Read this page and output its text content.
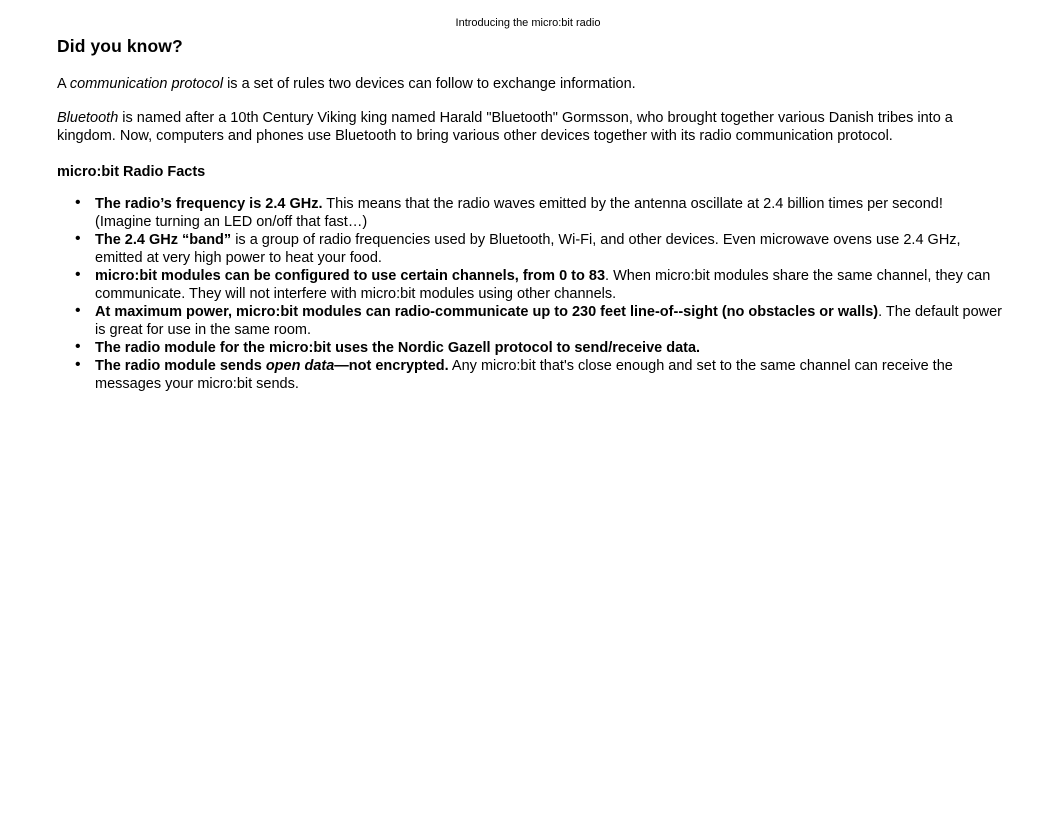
Introducing the micro:bit radio
Did you know?

A communication protocol is a set of rules two devices can follow to exchange information.

Bluetooth is named after a 10th Century Viking king named Harald "Bluetooth" Gormsson, who brought together various Danish tribes into a kingdom. Now, computers and phones use Bluetooth to bring various other devices together with its radio communication protocol.

micro:bit Radio Facts
• The radio’s frequency is 2.4 GHz. This means that the radio waves emitted by the antenna oscillate at 2.4 billion times per second! (Imagine turning an LED on/off that fast…)
• The 2.4 GHz “band” is a group of radio frequencies used by Bluetooth, Wi-Fi, and other devices. Even microwave ovens use 2.4 GHz, emitted at very high power to heat your food.
• micro:bit modules can be configured to use certain channels, from 0 to 83. When micro:bit modules share the same channel, they can communicate. They will not interfere with micro:bit modules using other channels.
• At maximum power, micro:bit modules can radio-communicate up to 230 feet line-of--sight (no obstacles or walls). The default power is great for use in the same room.
• The radio module for the micro:bit uses the Nordic Gazell protocol to send/receive data.
• The radio module sends open data—not encrypted. Any micro:bit that's close enough and set to the same channel can receive the messages your micro:bit sends.
